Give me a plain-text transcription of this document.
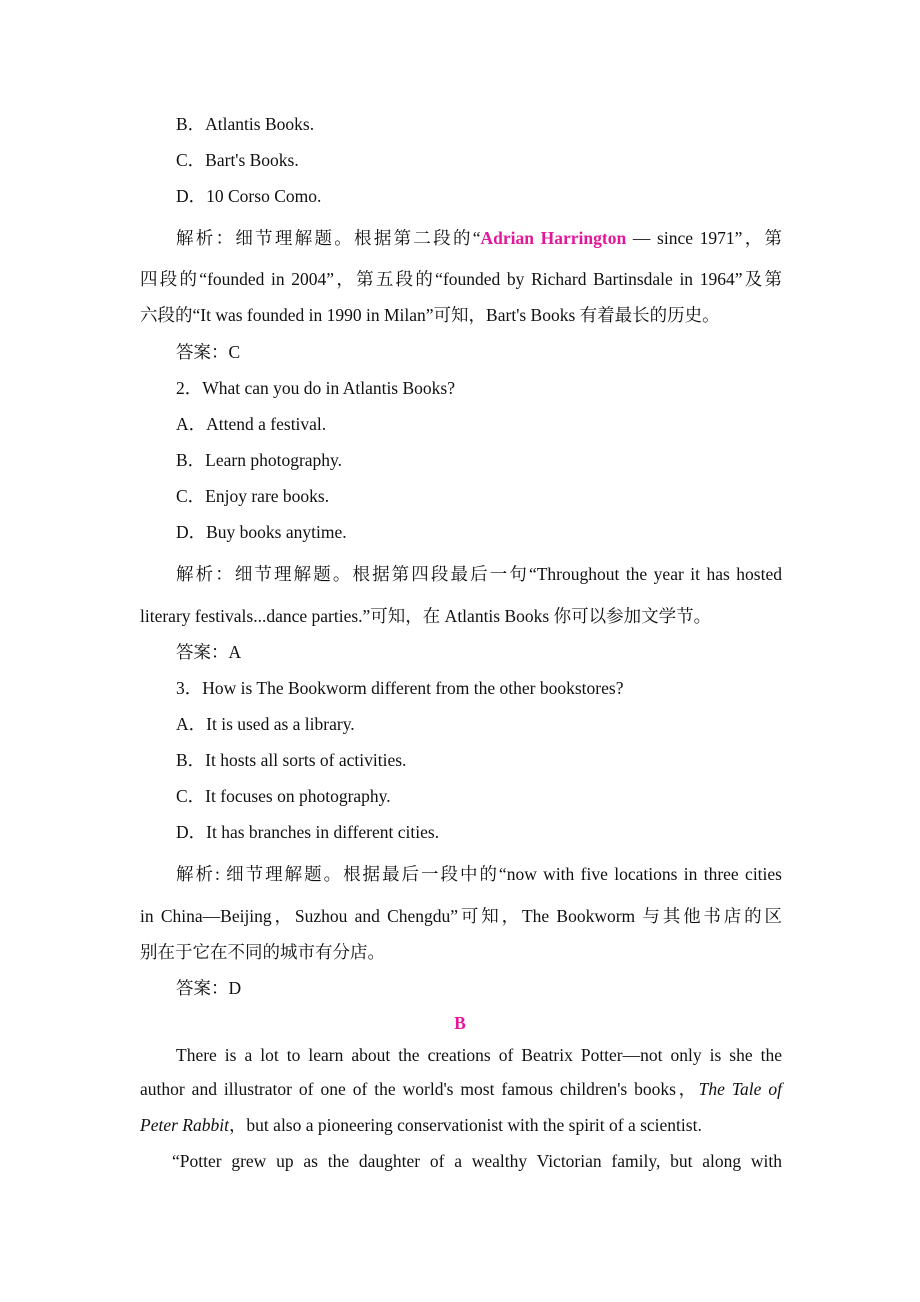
B．Atlantis Books.
C．Bart's Books.
D．10 Corso Como.
解析：细节理解题。根据第二段的“Adrian Harrington — since 1971”，第
四段的“founded in 2004”，第五段的“founded by Richard Bartinsdale in 1964”及第
六段的“It was founded in 1990 in Milan”可知，Bart's Books 有着最长的历史。
答案：C
2．What can you do in Atlantis Books?
A．Attend a festival.
B．Learn photography.
C．Enjoy rare books.
D．Buy books anytime.
解析：细节理解题。根据第四段最后一句“Throughout the year it has hosted
literary festivals...dance parties.”可知，在 Atlantis Books 你可以参加文学节。
答案：A
3．How is The Bookworm different from the other bookstores?
A．It is used as a library.
B．It hosts all sorts of activities.
C．It focuses on photography.
D．It has branches in different cities.
解析: 细节理解题。根据最后一段中的“now with five locations in three cities
in China—Beijing，Suzhou and Chengdu”可知，The Bookworm 与其他书店的区
别在于它在不同的城市有分店。
答案：D
B
There is a lot to learn about the creations of Beatrix Potter—not only is she the
author and illustrator of one of the world's most famous children's books，The Tale of
Peter Rabbit，but also a pioneering conservationist with the spirit of a scientist.
“Potter grew up as the daughter of a wealthy Victorian family, but along with
